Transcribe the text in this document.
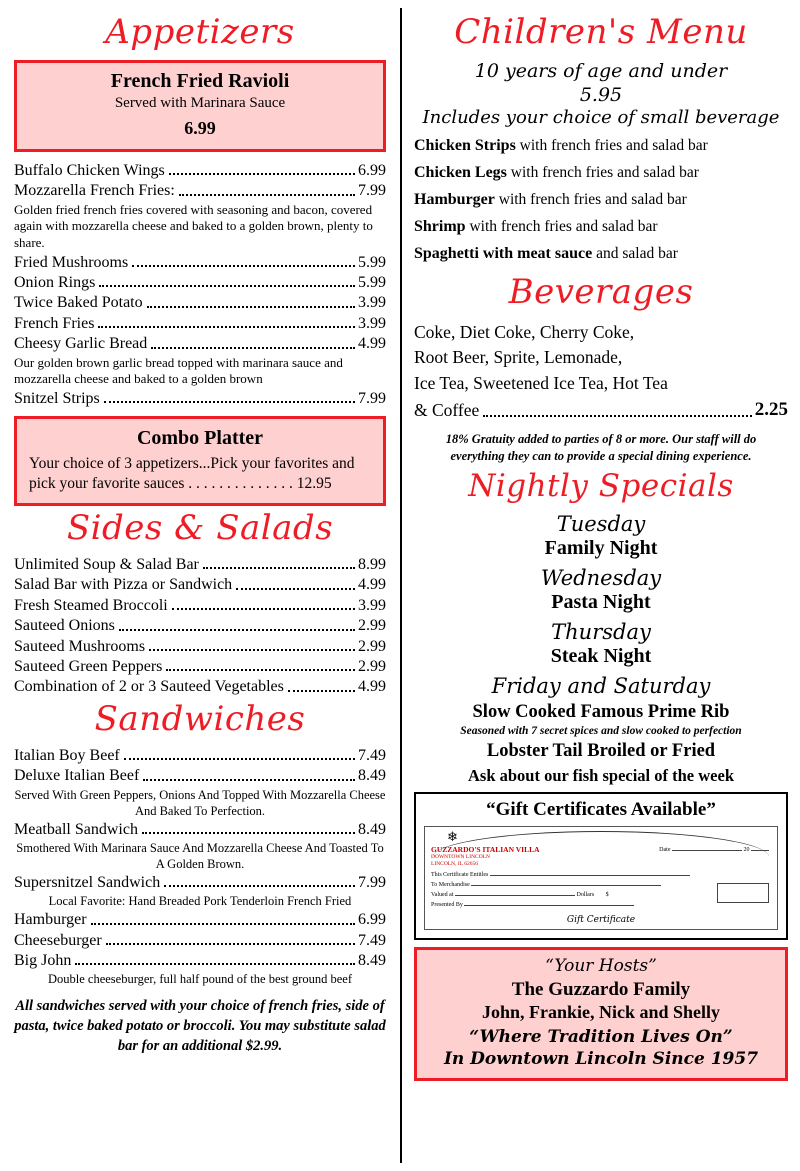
Appetizers
French Fried Ravioli
Served with Marinara Sauce
6.99
Buffalo Chicken Wings	6.99
Mozzarella French Fries:	7.99
Golden fried french fries covered with seasoning and bacon, covered again with mozzarella cheese and baked to a golden brown, plenty to share.
Fried Mushrooms	5.99
Onion Rings	5.99
Twice Baked Potato	3.99
French Fries	3.99
Cheesy Garlic Bread	4.99
Our golden brown garlic bread topped with marinara sauce and mozzarella cheese and baked to a golden brown
Snitzel Strips	7.99
Combo Platter
Your choice of 3 appetizers...Pick your favorites and pick your favorite sauces . . . . . . . . . . . . . . 12.95
Sides & Salads
Unlimited Soup & Salad Bar	8.99
Salad Bar with Pizza or Sandwich	4.99
Fresh Steamed Broccoli	3.99
Sauteed Onions	2.99
Sauteed Mushrooms	2.99
Sauteed Green Peppers	2.99
Combination of 2 or 3 Sauteed Vegetables	4.99
Sandwiches
Italian Boy Beef	7.49
Deluxe Italian Beef	8.49
Served With Green Peppers, Onions And Topped With Mozzarella Cheese And Baked To Perfection.
Meatball Sandwich	8.49
Smothered With Marinara Sauce And Mozzarella Cheese And Toasted To A Golden Brown.
Supersnitzel Sandwich	7.99
Local Favorite: Hand Breaded Pork Tenderloin French Fried
Hamburger	6.99
Cheeseburger	7.49
Big John	8.49
Double cheeseburger, full half pound of the best ground beef
All sandwiches served with your choice of french fries, side of pasta, twice baked potato or broccoli. You may substitute salad bar for an additional $2.99.
Children's Menu
10 years of age and under
5.95
Includes your choice of small beverage
Chicken Strips with french fries and salad bar
Chicken Legs with french fries and salad bar
Hamburger with french fries and salad bar
Shrimp with french fries and salad bar
Spaghetti with meat sauce and salad bar
Beverages
Coke, Diet Coke, Cherry Coke,
Root Beer, Sprite, Lemonade,
Ice Tea, Sweetened Ice Tea, Hot Tea
& Coffee	2.25
18% Gratuity added to parties of 8 or more. Our staff will do everything they can to provide a special dining experience.
Nightly Specials
Tuesday
Family Night
Wednesday
Pasta Night
Thursday
Steak Night
Friday and Saturday
Slow Cooked Famous Prime Rib
Seasoned with 7 secret spices and slow cooked to perfection
Lobster Tail Broiled or Fried
Ask about our fish special of the week
“Gift Certificates Available”
❄
GUZZARDO'S ITALIAN VILLA
DOWNTOWN LINCOLN
LINCOLN, IL 62656
Date	20
This Certificate Entitles
To Merchandise
Valued at	Dollars $
Presented By
Gift Certificate
“Your Hosts”
The Guzzardo Family
John, Frankie, Nick and Shelly
“Where Tradition Lives On”
In Downtown Lincoln Since 1957
